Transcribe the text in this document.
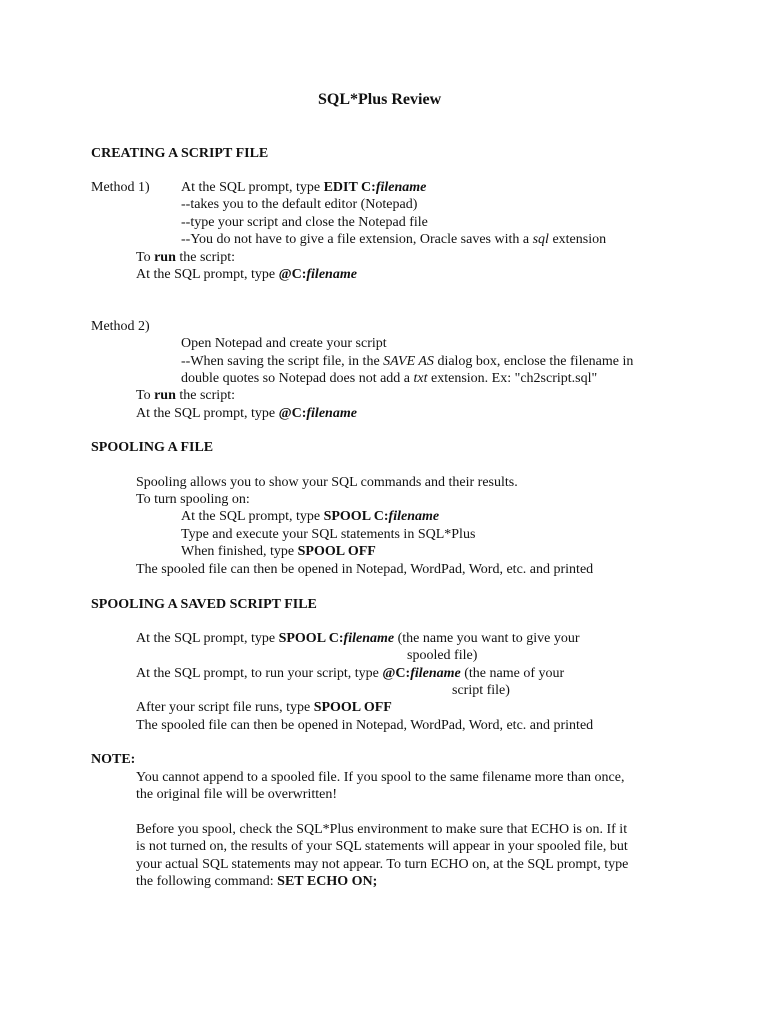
SQL*Plus Review
CREATING A SCRIPT FILE
Method 1) At the SQL prompt, type EDIT C:filename
--takes you to the default editor (Notepad)
--type your script and close the Notepad file
--You do not have to give a file extension, Oracle saves with a sql extension
To run the script:
At the SQL prompt, type @C:filename
Method 2)
Open Notepad and create your script
--When saving the script file, in the SAVE AS dialog box, enclose the filename in
double quotes so Notepad does not add a txt extension. Ex: "ch2script.sql"
To run the script:
At the SQL prompt, type @C:filename
SPOOLING A FILE
Spooling allows you to show your SQL commands and their results.
To turn spooling on:
At the SQL prompt, type SPOOL C:filename
Type and execute your SQL statements in SQL*Plus
When finished, type SPOOL OFF
The spooled file can then be opened in Notepad, WordPad, Word, etc. and printed
SPOOLING A SAVED SCRIPT FILE
At the SQL prompt, type SPOOL C:filename (the name you want to give your
spooled file)
At the SQL prompt, to run your script, type @C:filename (the name of your
script file)
After your script file runs, type SPOOL OFF
The spooled file can then be opened in Notepad, WordPad, Word, etc. and printed
NOTE:
You cannot append to a spooled file. If you spool to the same filename more than once,
the original file will be overwritten!
Before you spool, check the SQL*Plus environment to make sure that ECHO is on. If it
is not turned on, the results of your SQL statements will appear in your spooled file, but
your actual SQL statements may not appear. To turn ECHO on, at the SQL prompt, type
the following command: SET ECHO ON;
